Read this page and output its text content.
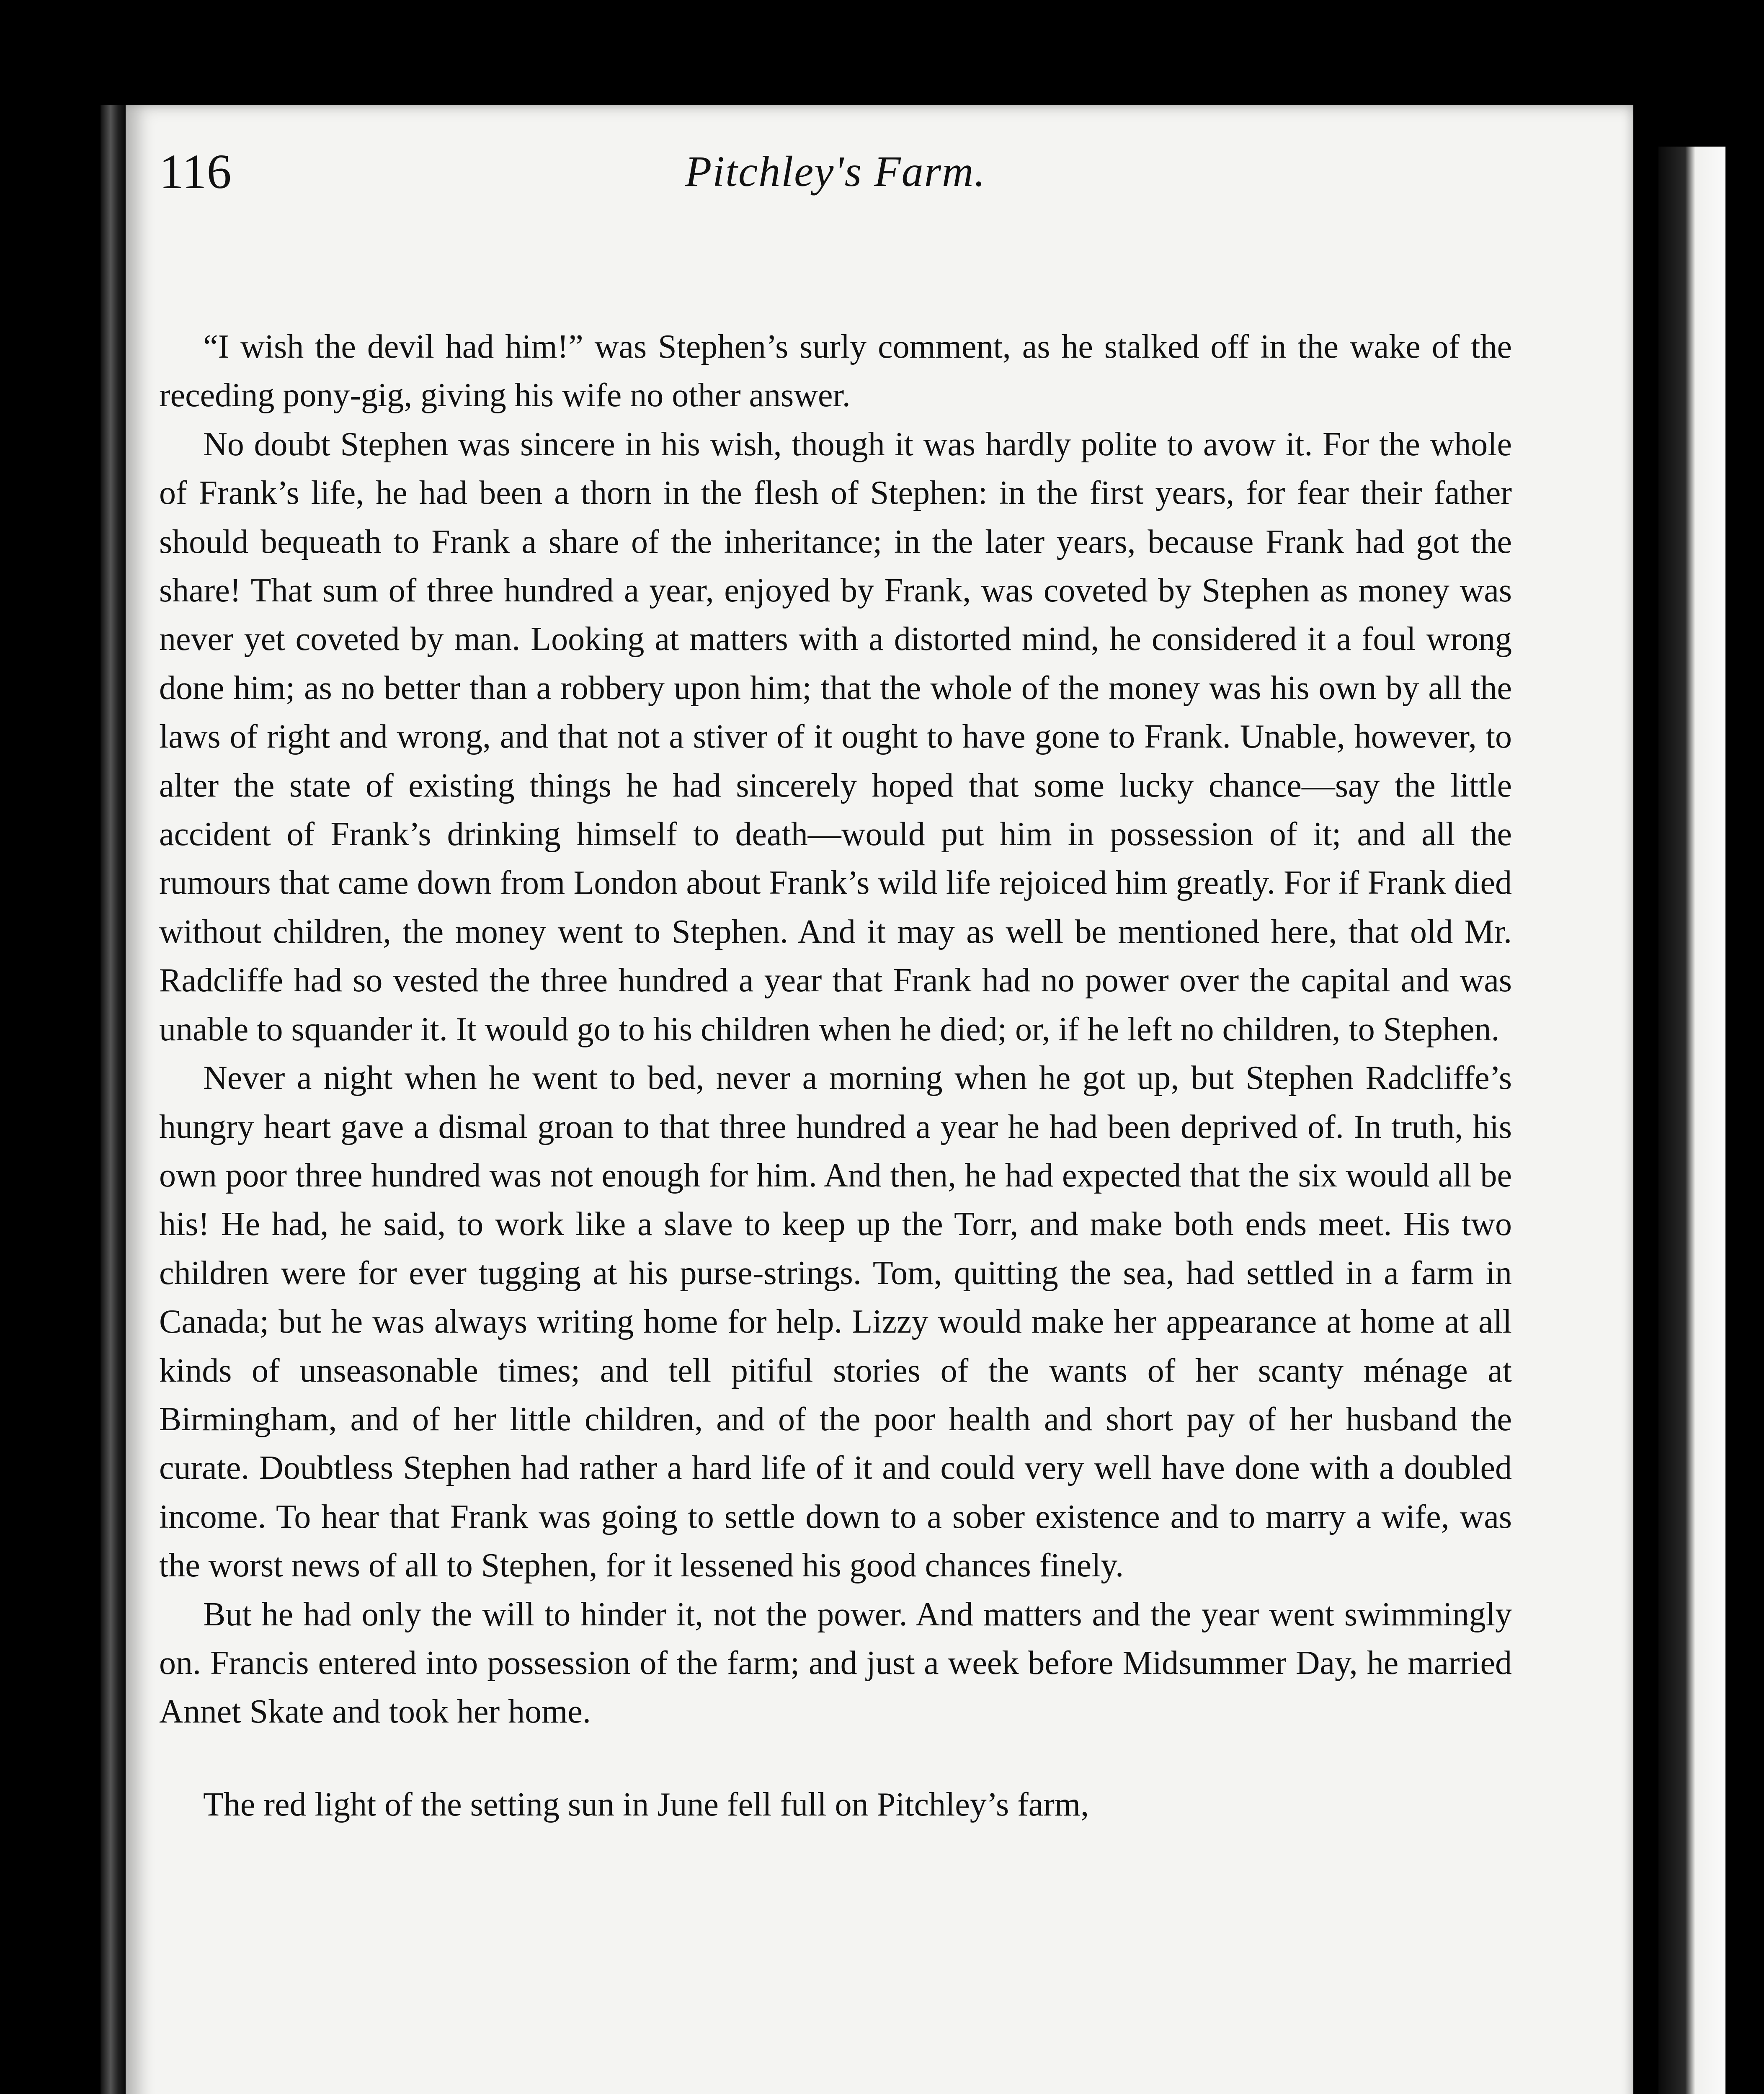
116	Pitchley's Farm.

“I wish the devil had him!” was Stephen’s surly comment, as he stalked off in the wake of the receding pony-gig, giving his wife no other answer.

No doubt Stephen was sincere in his wish, though it was hardly polite to avow it. For the whole of Frank’s life, he had been a thorn in the flesh of Stephen: in the first years, for fear their father should bequeath to Frank a share of the inheritance; in the later years, because Frank had got the share! That sum of three hundred a year, enjoyed by Frank, was coveted by Stephen as money was never yet coveted by man. Looking at matters with a distorted mind, he considered it a foul wrong done him; as no better than a robbery upon him; that the whole of the money was his own by all the laws of right and wrong, and that not a stiver of it ought to have gone to Frank. Unable, however, to alter the state of existing things he had sincerely hoped that some lucky chance—say the little accident of Frank’s drinking himself to death—would put him in possession of it; and all the rumours that came down from London about Frank’s wild life rejoiced him greatly. For if Frank died without children, the money went to Stephen. And it may as well be mentioned here, that old Mr. Radcliffe had so vested the three hundred a year that Frank had no power over the capital and was unable to squander it. It would go to his children when he died; or, if he left no children, to Stephen.

Never a night when he went to bed, never a morning when he got up, but Stephen Radcliffe’s hungry heart gave a dismal groan to that three hundred a year he had been deprived of. In truth, his own poor three hundred was not enough for him. And then, he had expected that the six would all be his! He had, he said, to work like a slave to keep up the Torr, and make both ends meet. His two children were for ever tugging at his purse-strings. Tom, quitting the sea, had settled in a farm in Canada; but he was always writing home for help. Lizzy would make her appearance at home at all kinds of unseasonable times; and tell pitiful stories of the wants of her scanty ménage at Birmingham, and of her little children, and of the poor health and short pay of her husband the curate. Doubtless Stephen had rather a hard life of it and could very well have done with a doubled income. To hear that Frank was going to settle down to a sober existence and to marry a wife, was the worst news of all to Stephen, for it lessened his good chances finely.

But he had only the will to hinder it, not the power. And matters and the year went swimmingly on. Francis entered into possession of the farm; and just a week before Midsummer Day, he married Annet Skate and took her home.

The red light of the setting sun in June fell full on Pitchley’s farm,
